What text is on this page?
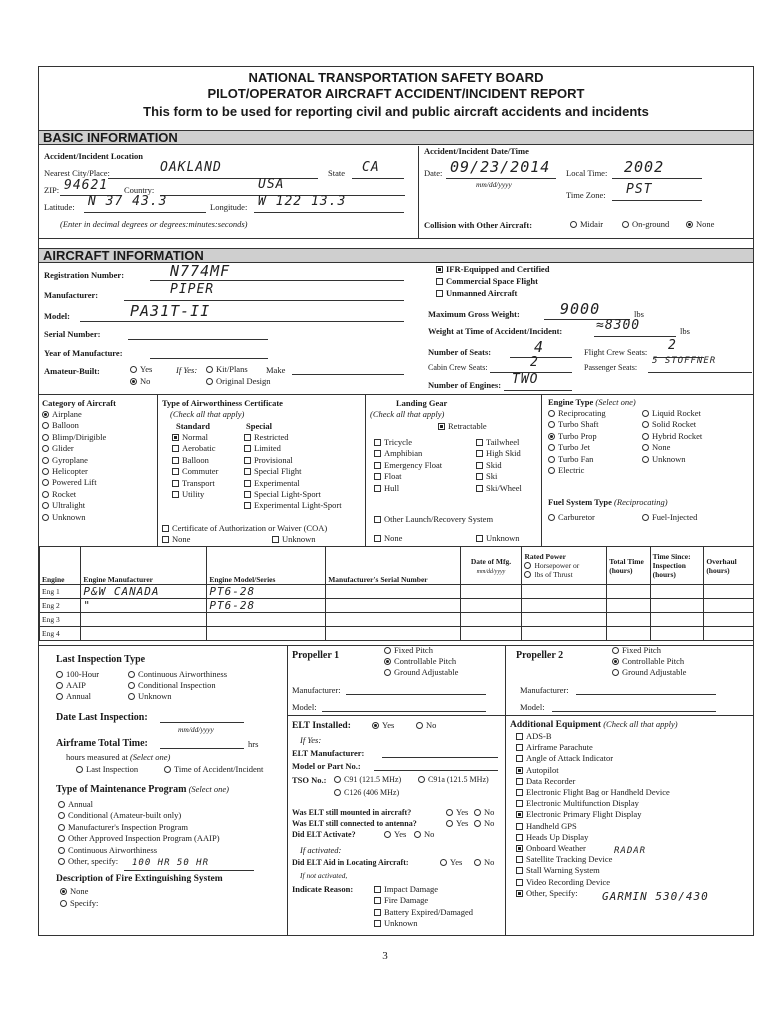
NATIONAL TRANSPORTATION SAFETY BOARD
PILOT/OPERATOR AIRCRAFT ACCIDENT/INCIDENT REPORT
This form to be used for reporting civil and public aircraft accidents and incidents
BASIC INFORMATION
Accident/Incident Location
Nearest City/Place:	OAKLAND	State CA
ZIP: 94621 Country:	USA
Latitude: N 37 43.3	Longitude: W 122 13.3
(Enter in decimal degrees or degrees:minutes:seconds)
Accident/Incident Date/Time
Date: 09/23/2014
mm/dd/yyyy
Local Time: 2002
Time Zone: PST
Collision with Other Aircraft:	Midair	On-ground	None
AIRCRAFT INFORMATION
Registration Number:	N774MF
Manufacturer:	PIPER
Model:	PA31T-II
Serial Number:
Year of Manufacture:
Amateur-Built:	Yes
No
If Yes:	Kit/Plans Make
Original Design
IFR-Equipped and Certified
Commercial Space Flight
Unmanned Aircraft
Maximum Gross Weight:	9000	lbs
Weight at Time of Accident/Incident:	≈8300	lbs
Number of Seats:	4	Flight Crew Seats: 2
Cabin Crew Seats:	2	Passenger Seats:
5 STOFFNER
Number of Engines: TWO
Category of Aircraft
Airplane
Balloon
Blimp/Dirigible
Glider
Gyroplane
Helicopter
Powered Lift
Rocket
Ultralight
Unknown
Type of Airworthiness Certificate
(Check all that apply)
Standard	Special
Normal
Aerobatic
Balloon
Commuter
Transport
Utility
Restricted
Limited
Provisional
Special Flight
Experimental
Special Light-Sport
Experimental Light-Sport
Certificate of Authorization or Waiver (COA)
None	Unknown
Landing Gear
(Check all that apply)
Retractable
Tricycle
Amphibian
Emergency Float
Float
Hull
Tailwheel
High Skid
Skid
Ski
Ski/Wheel
Other Launch/Recovery System
None	Unknown
Engine Type (Select one)
Reciprocating
Turbo Shaft
Turbo Prop
Turbo Jet
Turbo Fan
Electric
Liquid Rocket
Solid Rocket
Hybrid Rocket
None
Unknown
Fuel System Type (Reciprocating)
Carburetor	Fuel-Injected
Engine	Engine Manufacturer	Engine Model/Series	Manufacturer's Serial Number	Date of Mfg.
mm/dd/yyyy	Rated Power
Horsepower or
lbs of Thrust	Total Time (hours)	Time Since: Inspection (hours)	Overhaul (hours)
Eng 1	P&W CANADA	PT6-28						
Eng 2	"	PT6-28						
Eng 3								
Eng 4								
Last Inspection Type
100-Hour
AAIP
Annual
Continuous Airworthiness
Conditional Inspection
Unknown
Date Last Inspection:
mm/dd/yyyy
Airframe Total Time:	hrs
hours measured at (Select one)
Last Inspection	Time of Accident/Incident
Type of Maintenance Program (Select one)
Annual
Conditional (Amateur-built only)
Manufacturer's Inspection Program
Other Approved Inspection Program (AAIP)
Continuous Airworthiness
Other, specify: 100 HR 50 HR
Description of Fire Extinguishing System
None
Specify:
Propeller 1	Fixed Pitch
Controllable Pitch
Ground Adjustable
Manufacturer:
Model:
Propeller 2	Fixed Pitch
Controllable Pitch
Ground Adjustable
Manufacturer:
Model:
ELT Installed:	Yes	No
If Yes:
ELT Manufacturer:
Model or Part No.:
TSO No.:	C91 (121.5 MHz)	C91a (121.5 MHz)
C126 (406 MHz)
Was ELT still mounted in aircraft?	Yes	No
Was ELT still connected to antenna?	Yes	No
Did ELT Activate?	Yes	No
If activated:
Did ELT Aid in Locating Aircraft:	Yes	No
If not activated,
Indicate Reason:	Impact Damage
Fire Damage
Battery Expired/Damaged
Unknown
Additional Equipment (Check all that apply)
ADS-B
Airframe Parachute
Angle of Attack Indicator
Autopilot
Data Recorder
Electronic Flight Bag or Handheld Device
Electronic Multifunction Display
Electronic Primary Flight Display
Handheld GPS
Heads Up Display
Onboard Weather
Satellite Tracking Device
Stall Warning System
Video Recording Device
Other, Specify:
RADAR
GARMIN 530/430
3
